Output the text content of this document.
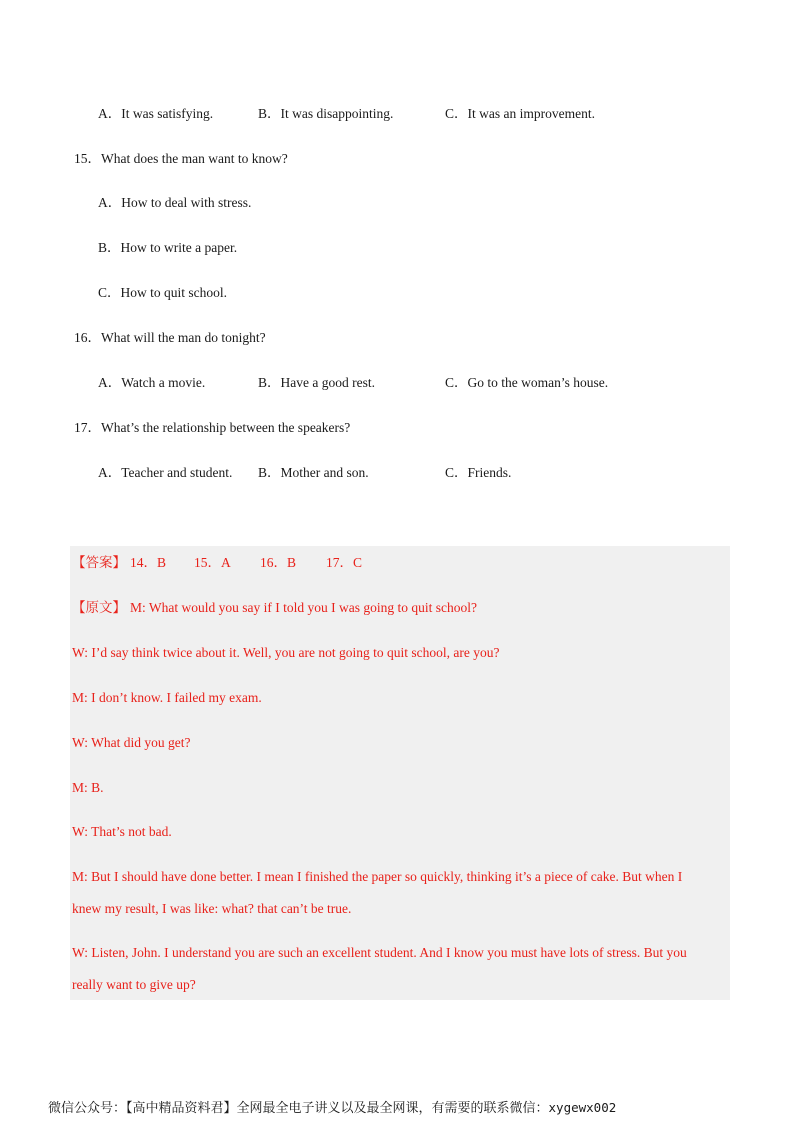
A．It was satisfying.	B．It was disappointing.	C．It was an improvement.
15．What does the man want to know?
A．How to deal with stress.
B．How to write a paper.
C．How to quit school.
16．What will the man do tonight?
A．Watch a movie.	B．Have a good rest.	C．Go to the woman’s house.
17．What’s the relationship between the speakers?
A．Teacher and student. B．Mother and son.	C．Friends.
【答案】 14．B 15．A 16．B 17．C
【原文】 M: What would you say if I told you I was going to quit school?
W: I’d say think twice about it. Well, you are not going to quit school, are you?
M: I don’t know. I failed my exam.
W: What did you get?
M: B.
W: That’s not bad.
M: But I should have done better. I mean I finished the paper so quickly, thinking it’s a piece of cake. But when I
knew my result, I was like: what? that can’t be true.
W: Listen, John. I understand you are such an excellent student. And I know you must have lots of stress. But you
really want to give up?
微信公众号：【高中精品资料君】全网最全电子讲义以及最全网课，有需要的联系微信：xygewx002
